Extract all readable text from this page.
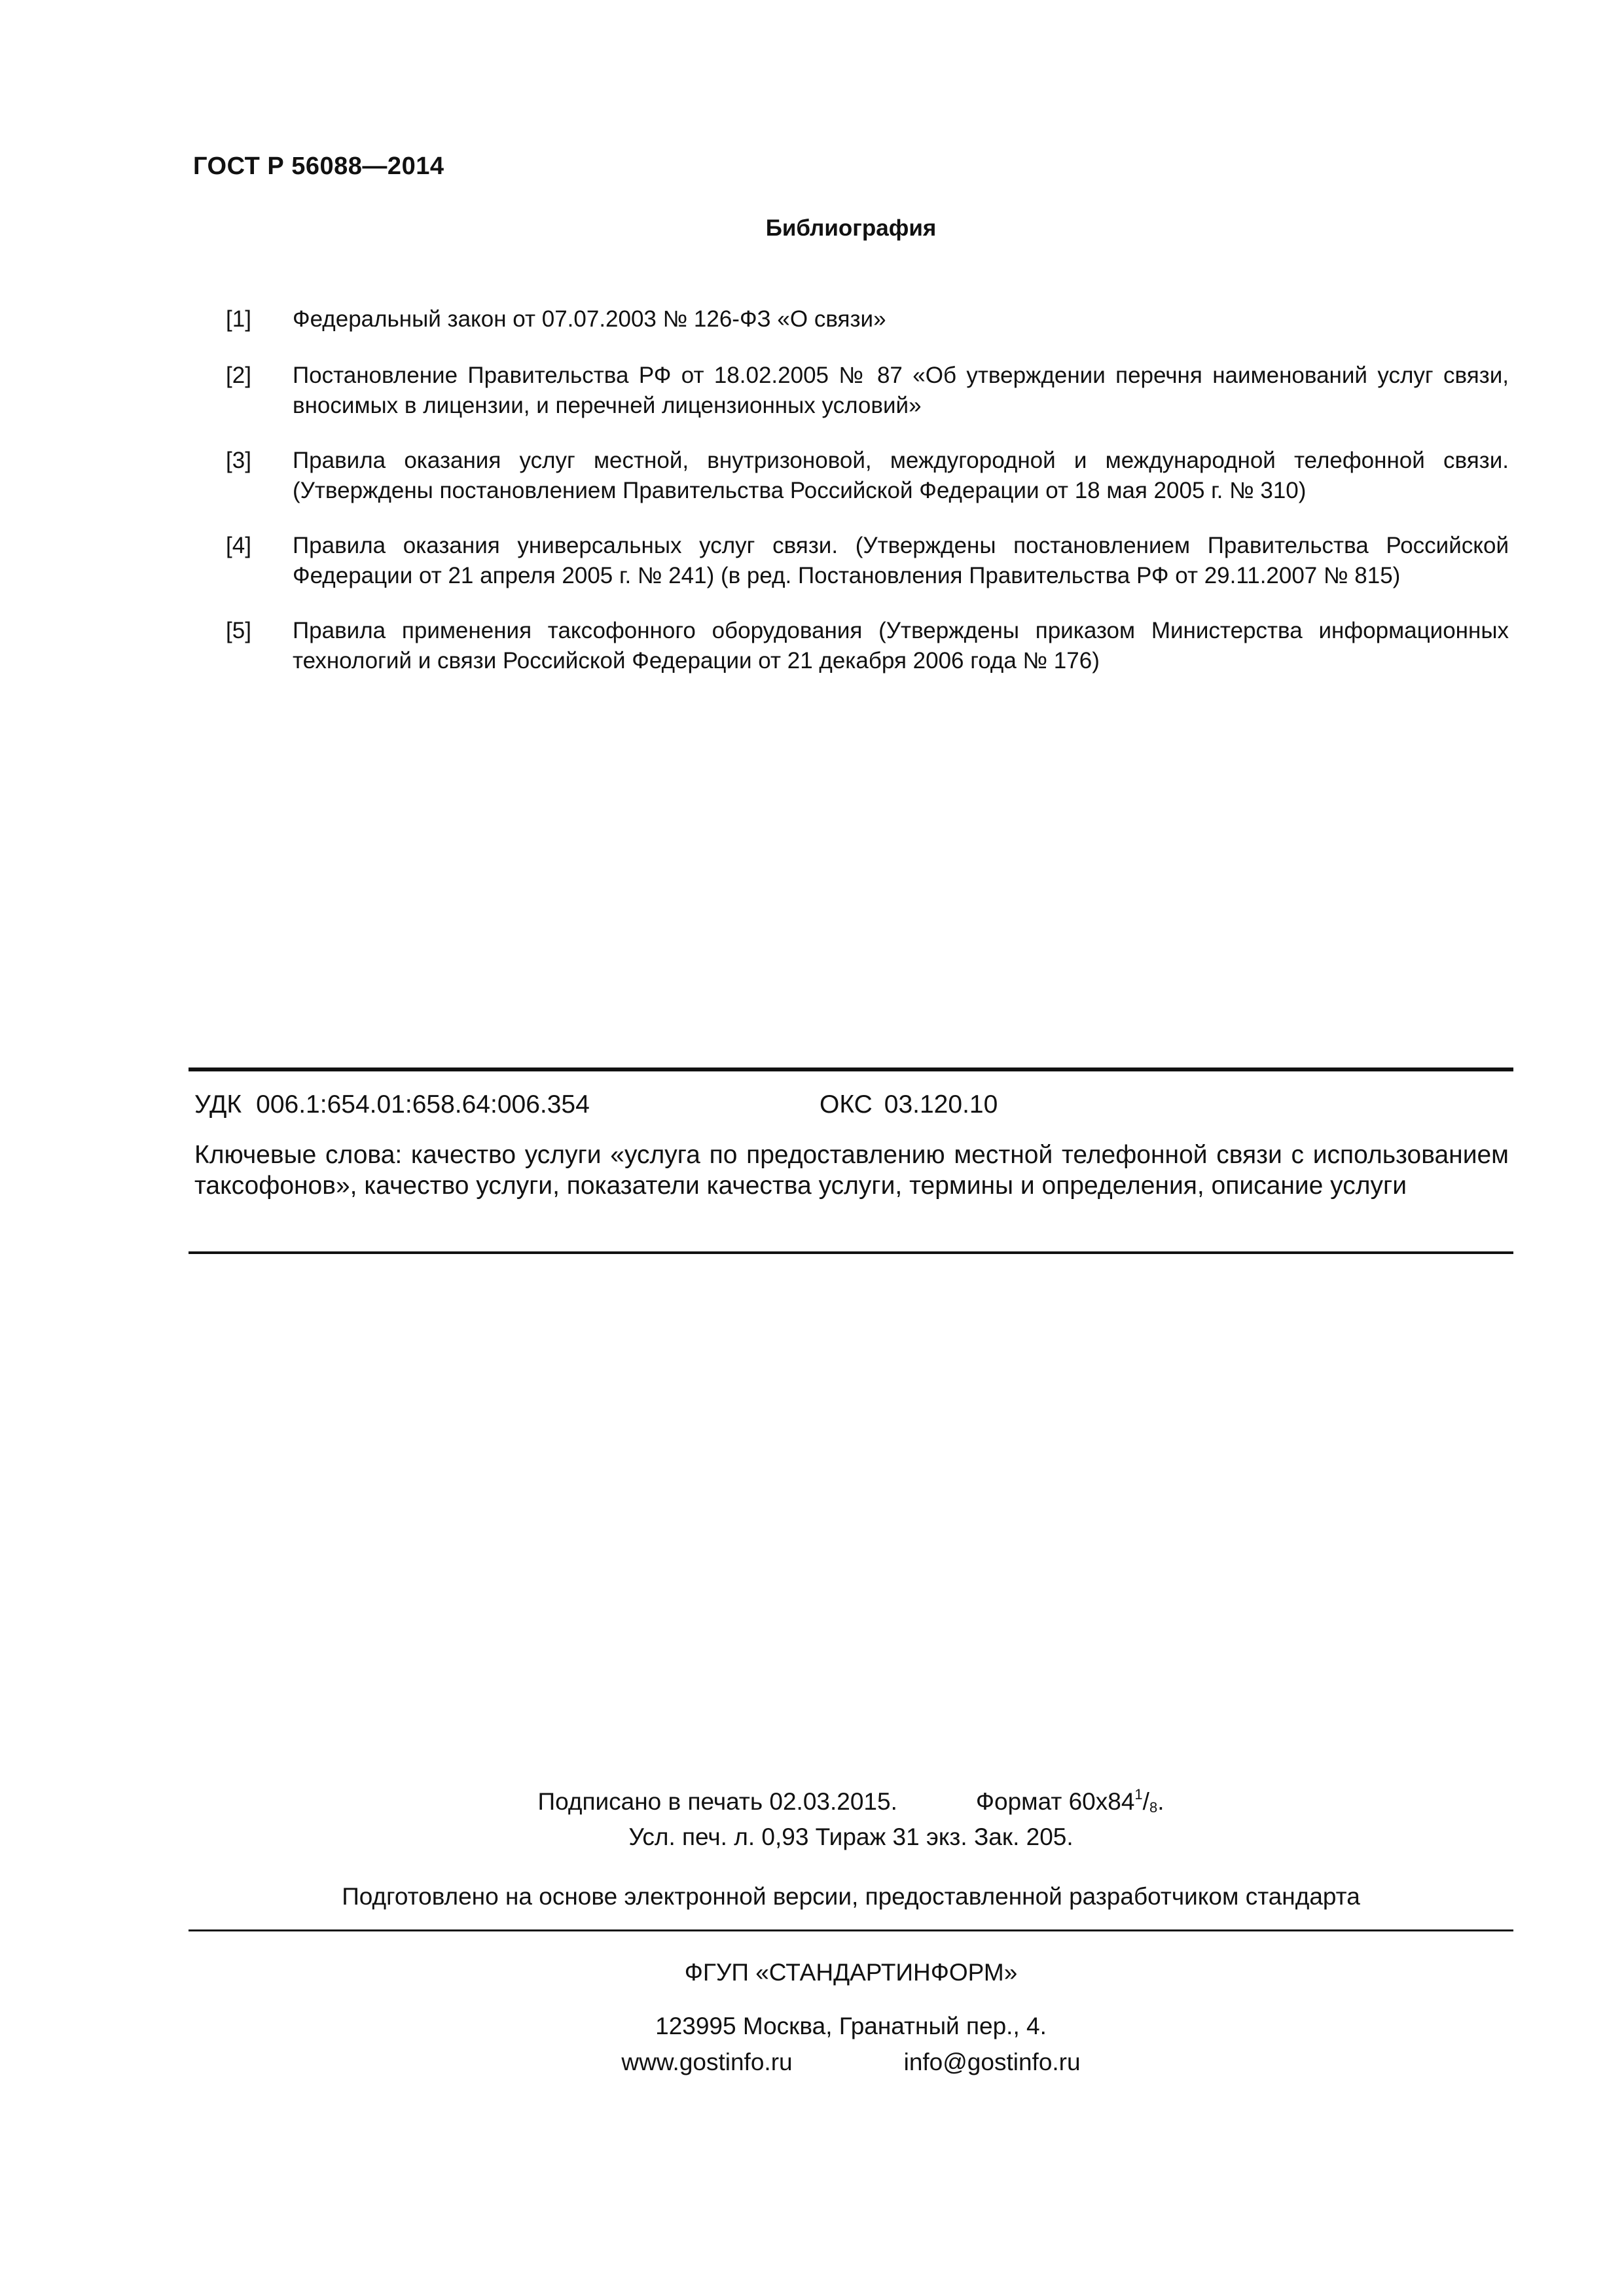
ГОСТ Р 56088—2014
Библиография
[1]	Федеральный закон от 07.07.2003 № 126-ФЗ «О связи»
[2]	Постановление Правительства РФ от 18.02.2005 № 87 «Об утверждении перечня наименований услуг связи, вносимых в лицензии, и перечней лицензионных условий»
[3]	Правила оказания услуг местной, внутризоновой, междугородной и международной телефонной связи. (Утверждены постановлением Правительства Российской Федерации от 18 мая 2005 г. № 310)
[4]	Правила оказания универсальных услуг связи. (Утверждены постановлением Правительства Российской Федерации от 21 апреля 2005 г. № 241) (в ред. Постановления Правительства РФ от 29.11.2007 № 815)
[5]	Правила применения таксофонного оборудования (Утверждены приказом Министерства информационных технологий и связи Российской Федерации от 21 декабря 2006 года № 176)
УДК 006.1:654.01:658.64:006.354	ОКС 03.120.10
Ключевые слова: качество услуги «услуга по предоставлению местной телефонной связи с использованием таксофонов», качество услуги, показатели качества услуги, термины и определения, описание услуги
Подписано в печать 02.03.2015.	Формат $60x84^1/_8$.
Усл. печ. л. 0,93 Тираж 31 экз. Зак. 205.
Подготовлено на основе электронной версии, предоставленной разработчиком стандарта
ФГУП «СТАНДАРТИНФОРМ»
123995 Москва, Гранатный пер., 4.
www.gostinfo.ru	info@gostinfo.ru
